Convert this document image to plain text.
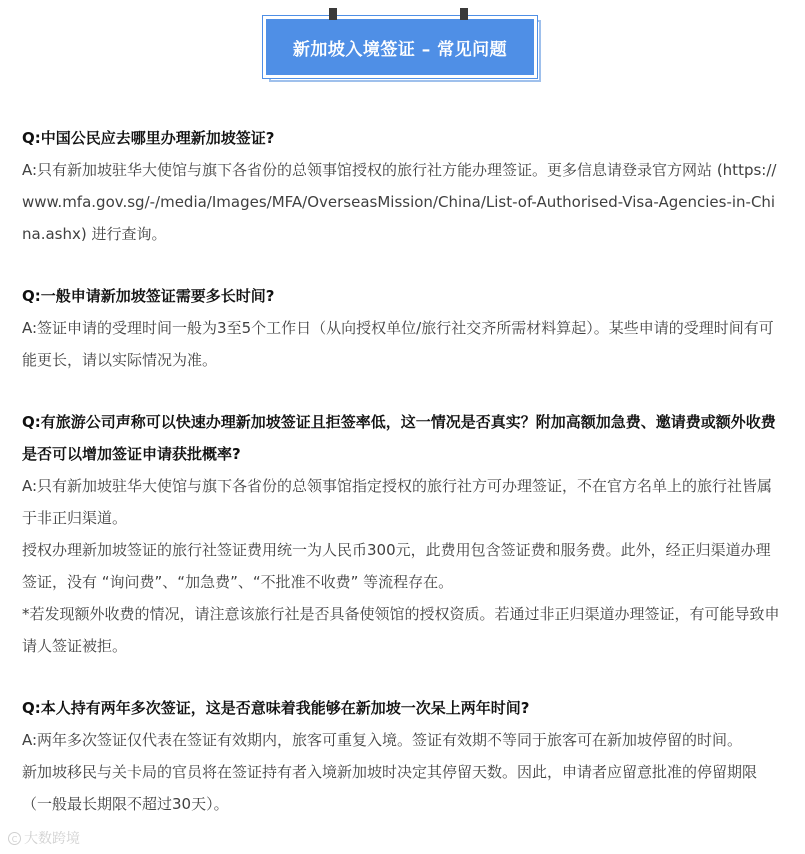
新加坡入境签证 – 常见问题

Q:中国公民应去哪里办理新加坡签证?

A:只有新加坡驻华大使馆与旗下各省份的总领事馆授权的旅行社方能办理签证。更多信息请登录官方网站 (https://www.mfa.gov.sg/-/media/Images/MFA/OverseasMission/China/List-of-Authorised-Visa-Agencies-in-China.ashx) 进行查询。

Q:一般申请新加坡签证需要多长时间?

A:签证申请的受理时间一般为3至5个工作日（从向授权单位/旅行社交齐所需材料算起）。某些申请的受理时间有可能更长，请以实际情况为准。

Q:有旅游公司声称可以快速办理新加坡签证且拒签率低，这一情况是否真实？附加高额加急费、邀请费或额外收费是否可以增加签证申请获批概率?

A:只有新加坡驻华大使馆与旗下各省份的总领事馆指定授权的旅行社方可办理签证，不在官方名单上的旅行社皆属于非正归渠道。

授权办理新加坡签证的旅行社签证费用统一为人民币300元，此费用包含签证费和服务费。此外，经正归渠道办理签证，没有 “询问费”、“加急费”、“不批准不收费” 等流程存在。

*若发现额外收费的情况，请注意该旅行社是否具备使领馆的授权资质。若通过非正归渠道办理签证，有可能导致申请人签证被拒。

Q:本人持有两年多次签证，这是否意味着我能够在新加坡一次呆上两年时间?

A:两年多次签证仅代表在签证有效期内，旅客可重复入境。签证有效期不等同于旅客可在新加坡停留的时间。

新加坡移民与关卡局的官员将在签证持有者入境新加坡时决定其停留天数。因此，申请者应留意批准的停留期限（一般最长期限不超过30天）。

C 大数跨境
